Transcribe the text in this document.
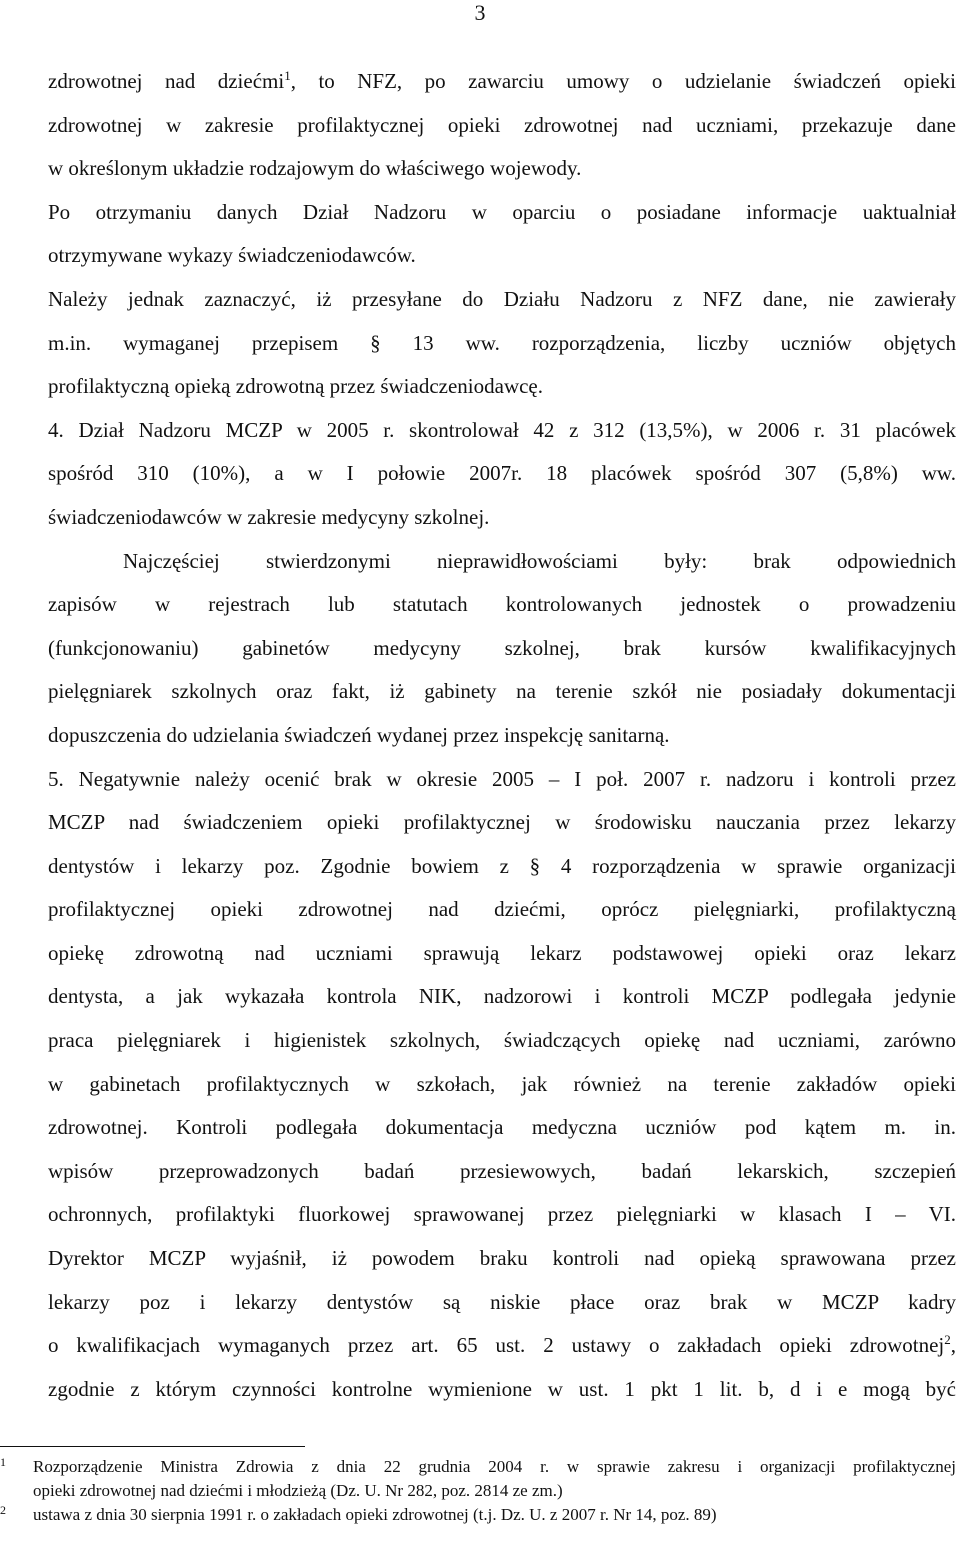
3
zdrowotnej nad dziećmi$^1$, to NFZ, po zawarciu umowy o udzielanie świadczeń opieki
zdrowotnej w zakresie profilaktycznej opieki zdrowotnej nad uczniami, przekazuje dane
w określonym układzie rodzajowym do właściwego wojewody.
Po otrzymaniu danych Dział Nadzoru w oparciu o posiadane informacje uaktualniał
otrzymywane wykazy świadczeniodawców.
Należy jednak zaznaczyć, iż przesyłane do Działu Nadzoru z NFZ dane, nie zawierały
m.in. wymaganej przepisem § 13 ww. rozporządzenia, liczby uczniów objętych
profilaktyczną opieką zdrowotną przez świadczeniodawcę.
4. Dział Nadzoru MCZP w 2005 r. skontrolował 42 z 312 (13,5%), w 2006 r. 31 placówek
spośród 310 (10%), a w I połowie 2007r. 18 placówek spośród 307 (5,8%) ww.
świadczeniodawców w zakresie medycyny szkolnej.
Najczęściej stwierdzonymi nieprawidłowościami były: brak odpowiednich
zapisów w rejestrach lub statutach kontrolowanych jednostek o prowadzeniu
(funkcjonowaniu) gabinetów medycyny szkolnej, brak kursów kwalifikacyjnych
pielęgniarek szkolnych oraz fakt, iż gabinety na terenie szkół nie posiadały dokumentacji
dopuszczenia do udzielania świadczeń wydanej przez inspekcję sanitarną.
5. Negatywnie należy ocenić brak w okresie 2005 – I poł. 2007 r. nadzoru i kontroli przez
MCZP nad świadczeniem opieki profilaktycznej w środowisku nauczania przez lekarzy
dentystów i lekarzy poz. Zgodnie bowiem z § 4 rozporządzenia w sprawie organizacji
profilaktycznej opieki zdrowotnej nad dziećmi, oprócz pielęgniarki, profilaktyczną
opiekę zdrowotną nad uczniami sprawują lekarz podstawowej opieki oraz lekarz
dentysta, a jak wykazała kontrola NIK, nadzorowi i kontroli MCZP podlegała jedynie
praca pielęgniarek i higienistek szkolnych, świadczących opiekę nad uczniami, zarówno
w gabinetach profilaktycznych w szkołach, jak również na terenie zakładów opieki
zdrowotnej. Kontroli podlegała dokumentacja medyczna uczniów pod kątem m. in.
wpisów przeprowadzonych badań przesiewowych, badań lekarskich, szczepień
ochronnych, profilaktyki fluorkowej sprawowanej przez pielęgniarki w klasach I – VI.
Dyrektor MCZP wyjaśnił, iż powodem braku kontroli nad opieką sprawowana przez
lekarzy poz i lekarzy dentystów są niskie płace oraz brak w MCZP kadry
o kwalifikacjach wymaganych przez art. 65 ust. 2 ustawy o zakładach opieki zdrowotnej$^2$,
zgodnie z którym czynności kontrolne wymienione w ust. 1 pkt 1 lit. b, d i e mogą być
1 Rozporządzenie Ministra Zdrowia z dnia 22 grudnia 2004 r. w sprawie zakresu i organizacji profilaktycznej
opieki zdrowotnej nad dziećmi i młodzieżą (Dz. U. Nr 282, poz. 2814 ze zm.)
2 ustawa z dnia 30 sierpnia 1991 r. o zakładach opieki zdrowotnej (t.j. Dz. U. z 2007 r. Nr 14, poz. 89)
